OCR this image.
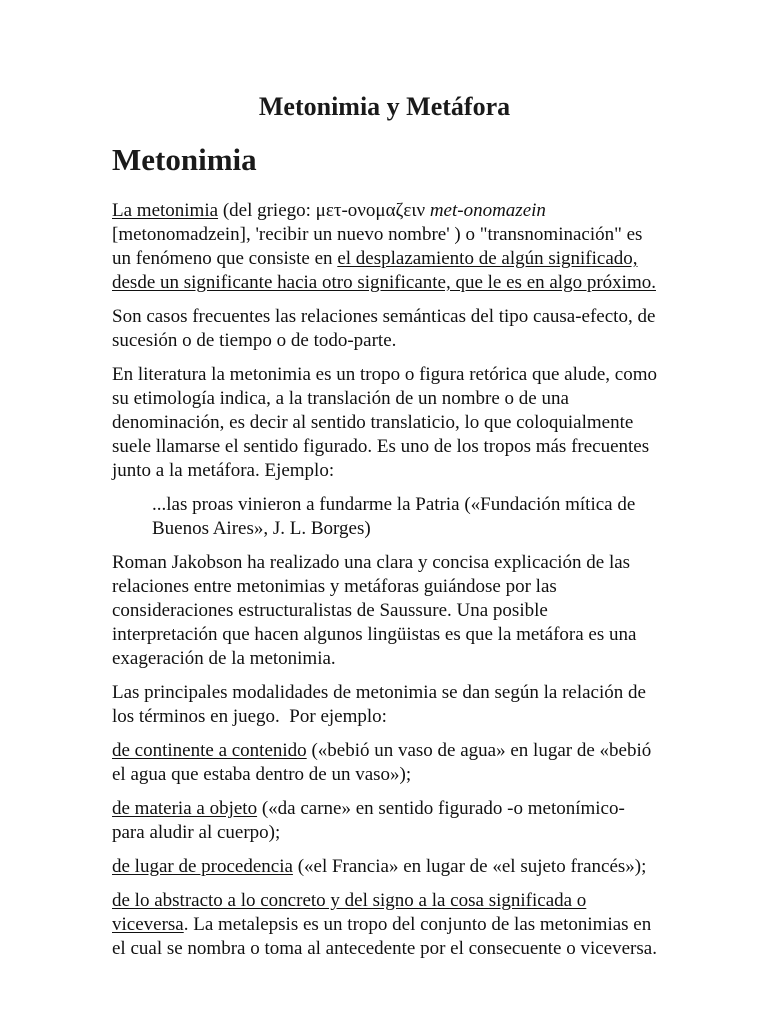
Metonimia y Metáfora
Metonimia

La metonimia (del griego: μετ-ονομαζειν met-onomazein [metonomadzein], 'recibir un nuevo nombre' ) o "transnominación" es un fenómeno que consiste en el desplazamiento de algún significado, desde un significante hacia otro significante, que le es en algo próximo.

Son casos frecuentes las relaciones semánticas del tipo causa-efecto, de sucesión o de tiempo o de todo-parte.

En literatura la metonimia es un tropo o figura retórica que alude, como su etimología indica, a la translación de un nombre o de una denominación, es decir al sentido translaticio, lo que coloquialmente suele llamarse el sentido figurado. Es uno de los tropos más frecuentes junto a la metáfora. Ejemplo:

...las proas vinieron a fundarme la Patria («Fundación mítica de Buenos Aires», J. L. Borges)

Roman Jakobson ha realizado una clara y concisa explicación de las relaciones entre metonimias y metáforas guiándose por las consideraciones estructuralistas de Saussure. Una posible interpretación que hacen algunos lingüistas es que la metáfora es una exageración de la metonimia.

Las principales modalidades de metonimia se dan según la relación de los términos en juego.  Por ejemplo:

de continente a contenido («bebió un vaso de agua» en lugar de «bebió el agua que estaba dentro de un vaso»);

de materia a objeto («da carne» en sentido figurado -o metonímico- para aludir al cuerpo);

de lugar de procedencia («el Francia» en lugar de «el sujeto francés»);

de lo abstracto a lo concreto y del signo a la cosa significada o viceversa. La metalepsis es un tropo del conjunto de las metonimias en el cual se nombra o toma al antecedente por el consecuente o viceversa.
